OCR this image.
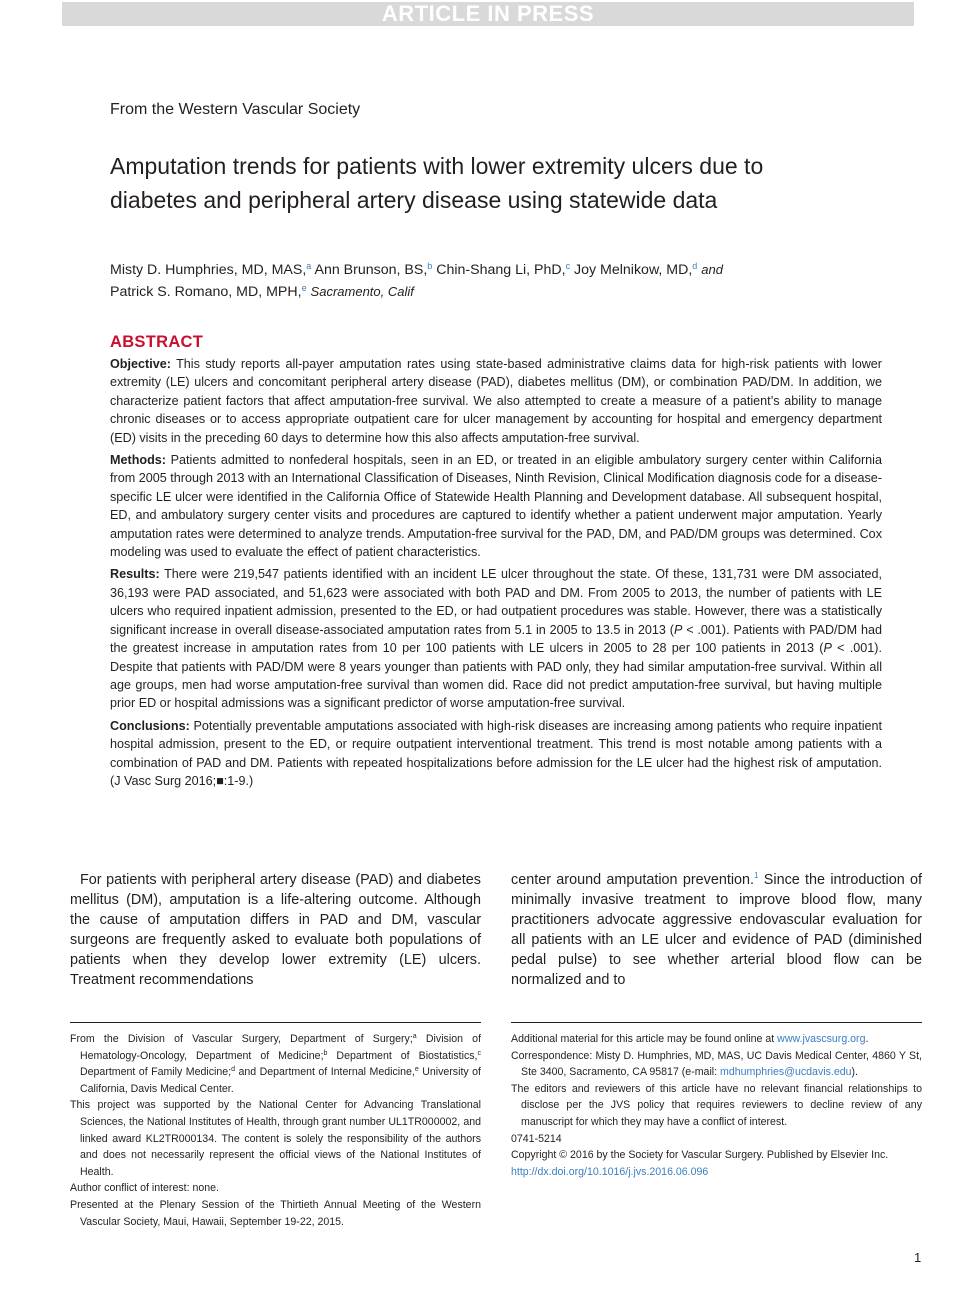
ARTICLE IN PRESS
From the Western Vascular Society
Amputation trends for patients with lower extremity ulcers due to diabetes and peripheral artery disease using statewide data
Misty D. Humphries, MD, MAS,$^a$ Ann Brunson, BS,$^b$ Chin-Shang Li, PhD,$^c$ Joy Melnikow, MD,$^d$ and
Patrick S. Romano, MD, MPH,$^e$ Sacramento, Calif
ABSTRACT

Objective: This study reports all-payer amputation rates using state-based administrative claims data for high-risk patients with lower extremity (LE) ulcers and concomitant peripheral artery disease (PAD), diabetes mellitus (DM), or combination PAD/DM. In addition, we characterize patient factors that affect amputation-free survival. We also attempted to create a measure of a patient’s ability to manage chronic diseases or to access appropriate outpatient care for ulcer management by accounting for hospital and emergency department (ED) visits in the preceding 60 days to determine how this also affects amputation-free survival.

Methods: Patients admitted to nonfederal hospitals, seen in an ED, or treated in an eligible ambulatory surgery center within California from 2005 through 2013 with an International Classification of Diseases, Ninth Revision, Clinical Modification diagnosis code for a disease-specific LE ulcer were identified in the California Office of Statewide Health Planning and Development database. All subsequent hospital, ED, and ambulatory surgery center visits and procedures are captured to identify whether a patient underwent major amputation. Yearly amputation rates were determined to analyze trends. Amputation-free survival for the PAD, DM, and PAD/DM groups was determined. Cox modeling was used to evaluate the effect of patient characteristics.

Results: There were 219,547 patients identified with an incident LE ulcer throughout the state. Of these, 131,731 were DM associated, 36,193 were PAD associated, and 51,623 were associated with both PAD and DM. From 2005 to 2013, the number of patients with LE ulcers who required inpatient admission, presented to the ED, or had outpatient procedures was stable. However, there was a statistically significant increase in overall disease-associated amputation rates from 5.1 in 2005 to 13.5 in 2013 (P < .001). Patients with PAD/DM had the greatest increase in amputation rates from 10 per 100 patients with LE ulcers in 2005 to 28 per 100 patients in 2013 (P < .001). Despite that patients with PAD/DM were 8 years younger than patients with PAD only, they had similar amputation-free survival. Within all age groups, men had worse amputation-free survival than women did. Race did not predict amputation-free survival, but having multiple prior ED or hospital admissions was a significant predictor of worse amputation-free survival.

Conclusions: Potentially preventable amputations associated with high-risk diseases are increasing among patients who require inpatient hospital admission, present to the ED, or require outpatient interventional treatment. This trend is most notable among patients with a combination of PAD and DM. Patients with repeated hospitalizations before admission for the LE ulcer had the highest risk of amputation. (J Vasc Surg 2016;■:1-9.)

For patients with peripheral artery disease (PAD) and diabetes mellitus (DM), amputation is a life-altering outcome. Although the cause of amputation differs in PAD and DM, vascular surgeons are frequently asked to evaluate both populations of patients when they develop lower extremity (LE) ulcers. Treatment recommendations

center around amputation prevention.$^1$ Since the introduction of minimally invasive treatment to improve blood flow, many practitioners advocate aggressive endovascular evaluation for all patients with an LE ulcer and evidence of PAD (diminished pedal pulse) to see whether arterial blood flow can be normalized and to

From the Division of Vascular Surgery, Department of Surgery;$^a$ Division of Hematology-Oncology, Department of Medicine;$^b$ Department of Biostatistics,$^c$ Department of Family Medicine;$^d$ and Department of Internal Medicine,$^e$ University of California, Davis Medical Center.

This project was supported by the National Center for Advancing Translational Sciences, the National Institutes of Health, through grant number UL1TR000002, and linked award KL2TR000134. The content is solely the responsibility of the authors and does not necessarily represent the official views of the National Institutes of Health.

Author conflict of interest: none.

Presented at the Plenary Session of the Thirtieth Annual Meeting of the Western Vascular Society, Maui, Hawaii, September 19-22, 2015.

Additional material for this article may be found online at www.jvascsurg.org.

Correspondence: Misty D. Humphries, MD, MAS, UC Davis Medical Center, 4860 Y St, Ste 3400, Sacramento, CA 95817 (e-mail: mdhumphries@ucdavis.edu).

The editors and reviewers of this article have no relevant financial relationships to disclose per the JVS policy that requires reviewers to decline review of any manuscript for which they may have a conflict of interest.

0741-5214

Copyright © 2016 by the Society for Vascular Surgery. Published by Elsevier Inc.

http://dx.doi.org/10.1016/j.jvs.2016.06.096

1
